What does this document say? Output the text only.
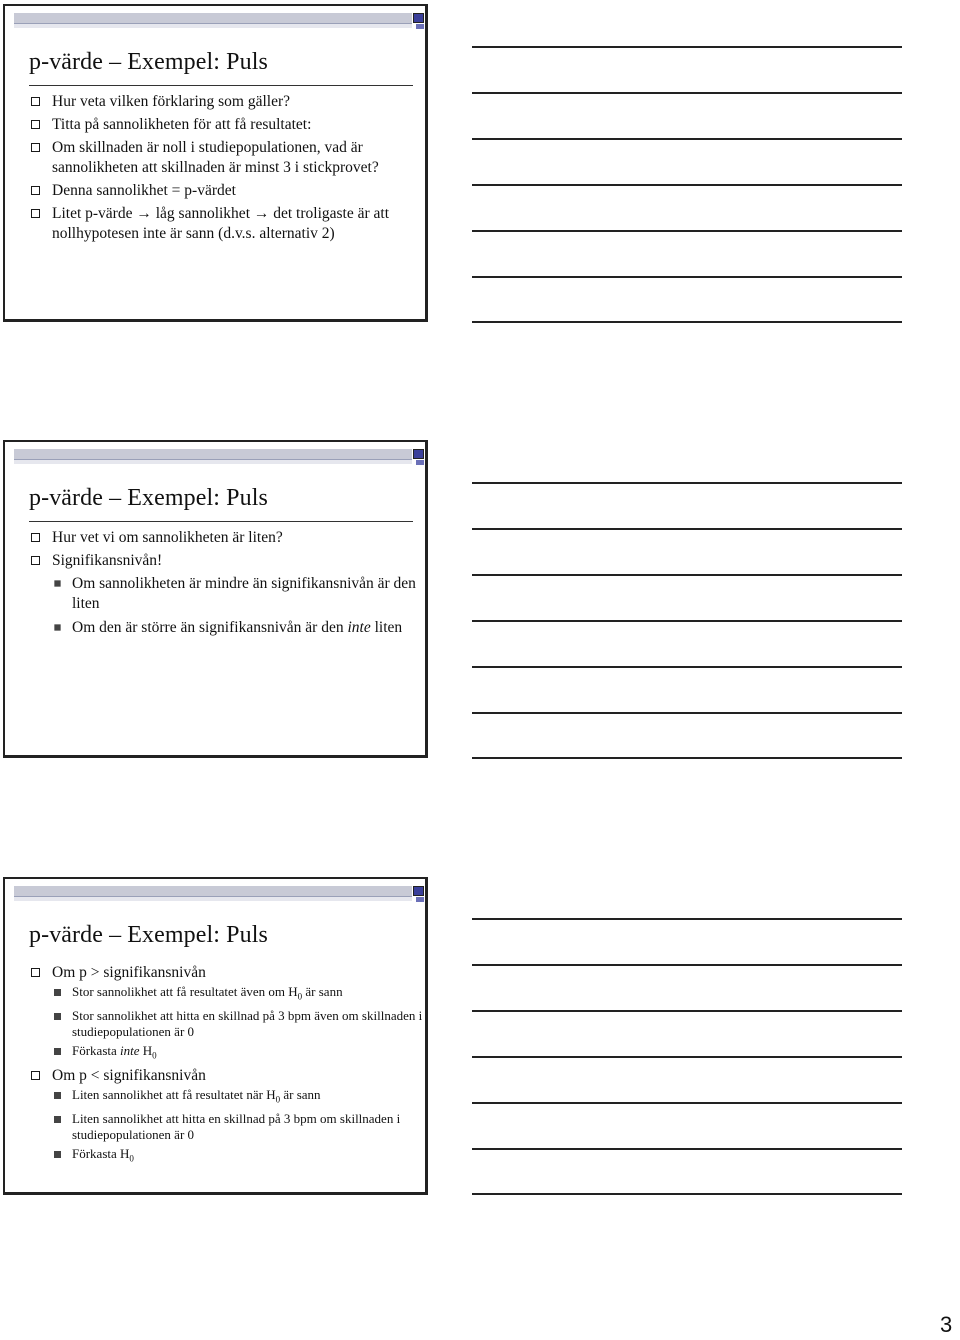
p-värde – Exempel: Puls
Hur veta vilken förklaring som gäller?
Titta på sannolikheten för att få resultatet:
Om skillnaden är noll i studiepopulationen, vad är sannolikheten att skillnaden är minst 3 i stickprovet?
Denna sannolikhet = p-värdet
Litet p-värde → låg sannolikhet → det troligaste är att nollhypotesen inte är sann (d.v.s. alternativ 2)
p-värde – Exempel: Puls
Hur vet vi om sannolikheten är liten?
Signifikansnivån!
Om sannolikheten är mindre än signifikansnivån är den liten
Om den är större än signifikansnivån är den inte liten
p-värde – Exempel: Puls
Om p > signifikansnivån
Stor sannolikhet att få resultatet även om $H_0$ är sann
Stor sannolikhet att hitta en skillnad på 3 bpm även om skillnaden i studiepopulationen är 0
Förkasta inte $H_0$
Om p < signifikansnivån
Liten sannolikhet att få resultatet när $H_0$ är sann
Liten sannolikhet att hitta en skillnad på 3 bpm om skillnaden i studiepopulationen är 0
Förkasta $H_0$
3
